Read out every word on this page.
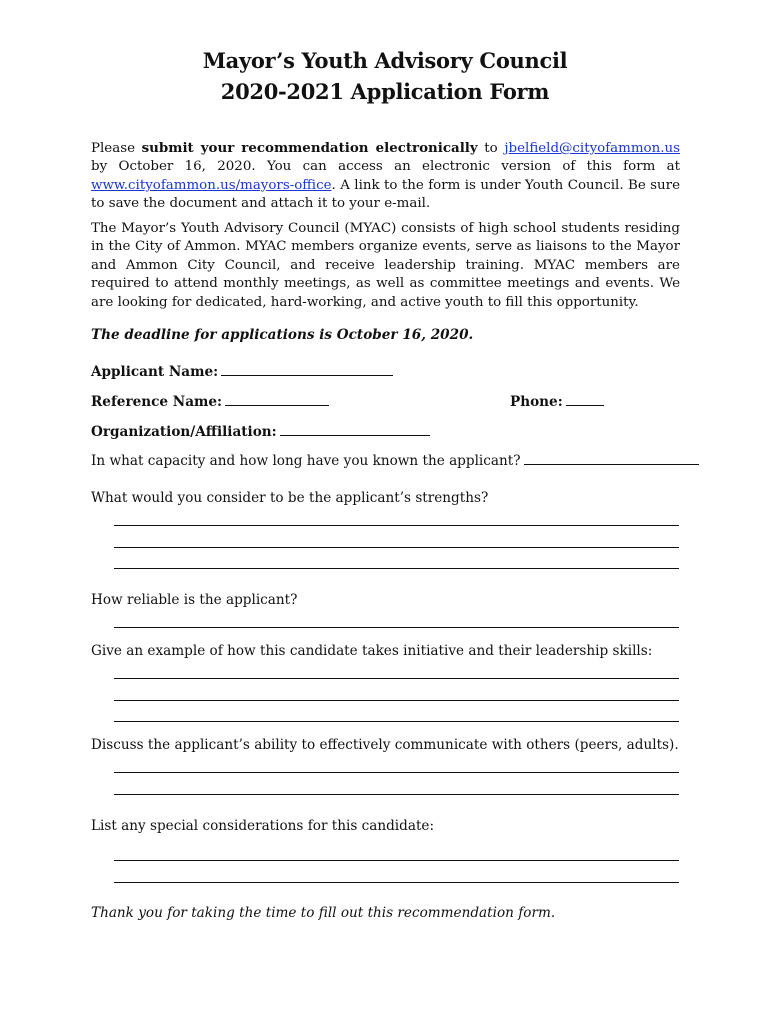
Mayor’s Youth Advisory Council
2020-2021 Application Form
Please submit your recommendation electronically to jbelfield@cityofammon.us by October 16, 2020. You can access an electronic version of this form at www.cityofammon.us/mayors-office. A link to the form is under Youth Council. Be sure to save the document and attach it to your e-mail.
The Mayor’s Youth Advisory Council (MYAC) consists of high school students residing in the City of Ammon. MYAC members organize events, serve as liaisons to the Mayor and Ammon City Council, and receive leadership training. MYAC members are required to attend monthly meetings, as well as committee meetings and events. We are looking for dedicated, hard-working, and active youth to fill this opportunity.
The deadline for applications is October 16, 2020.
Applicant Name:
Reference Name:	Phone:
Organization/Affiliation:
In what capacity and how long have you known the applicant?
What would you consider to be the applicant’s strengths?
How reliable is the applicant?
Give an example of how this candidate takes initiative and their leadership skills:
Discuss the applicant’s ability to effectively communicate with others (peers, adults).
List any special considerations for this candidate:
Thank you for taking the time to fill out this recommendation form.
